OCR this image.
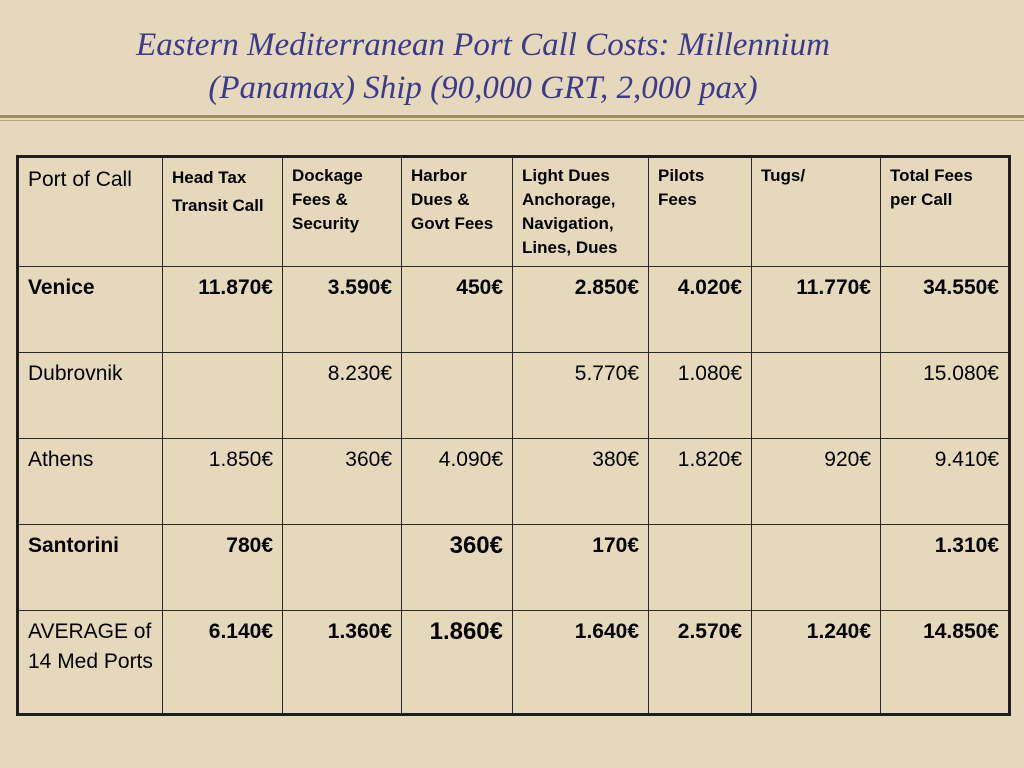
Eastern Mediterranean Port Call Costs: Millennium
(Panamax) Ship (90,000 GRT, 2,000 pax)
Port of Call	Head Tax Transit Call	Dockage Fees & Security	Harbor Dues & Govt Fees	Light Dues Anchorage, Navigation, Lines, Dues	Pilots Fees	Tugs/	Total Fees per Call
Venice	11.870€	3.590€	450€	2.850€	4.020€	11.770€	34.550€
Dubrovnik		8.230€		5.770€	1.080€		15.080€
Athens	1.850€	360€	4.090€	380€	1.820€	920€	9.410€
Santorini	780€		360€	170€			1.310€
AVERAGE of 14 Med Ports	6.140€	1.360€	1.860€	1.640€	2.570€	1.240€	14.850€
